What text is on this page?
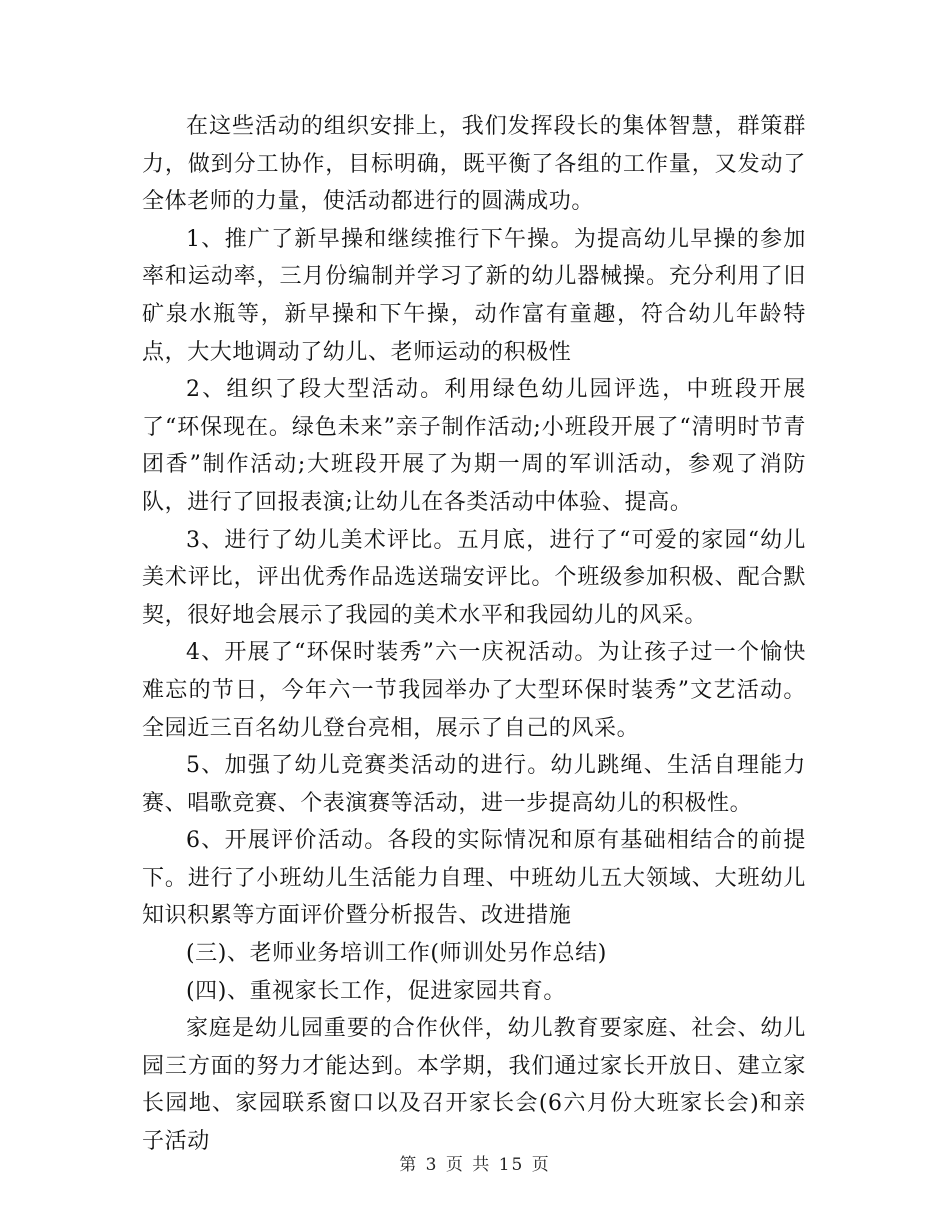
在这些活动的组织安排上，我们发挥段长的集体智慧，群策群力，做到分工协作，目标明确，既平衡了各组的工作量，又发动了全体老师的力量，使活动都进行的圆满成功。

1、推广了新早操和继续推行下午操。为提高幼儿早操的参加率和运动率，三月份编制并学习了新的幼儿器械操。充分利用了旧矿泉水瓶等，新早操和下午操，动作富有童趣，符合幼儿年龄特点，大大地调动了幼儿、老师运动的积极性

2、组织了段大型活动。利用绿色幼儿园评选，中班段开展了“环保现在。绿色未来”亲子制作活动;小班段开展了“清明时节青团香”制作活动;大班段开展了为期一周的军训活动，参观了消防队，进行了回报表演;让幼儿在各类活动中体验、提高。

3、进行了幼儿美术评比。五月底，进行了“可爱的家园“幼儿美术评比，评出优秀作品选送瑞安评比。个班级参加积极、配合默契，很好地会展示了我园的美术水平和我园幼儿的风采。

4、开展了“环保时装秀”六一庆祝活动。为让孩子过一个愉快难忘的节日，今年六一节我园举办了大型环保时装秀”文艺活动。全园近三百名幼儿登台亮相，展示了自己的风采。

5、加强了幼儿竞赛类活动的进行。幼儿跳绳、生活自理能力赛、唱歌竞赛、个表演赛等活动，进一步提高幼儿的积极性。

6、开展评价活动。各段的实际情况和原有基础相结合的前提下。进行了小班幼儿生活能力自理、中班幼儿五大领域、大班幼儿知识积累等方面评价暨分析报告、改进措施

(三)、老师业务培训工作(师训处另作总结)

(四)、重视家长工作，促进家园共育。

家庭是幼儿园重要的合作伙伴，幼儿教育要家庭、社会、幼儿园三方面的努力才能达到。本学期，我们通过家长开放日、建立家长园地、家园联系窗口以及召开家长会(6六月份大班家长会)和亲子活动

第 3 页 共 15 页
